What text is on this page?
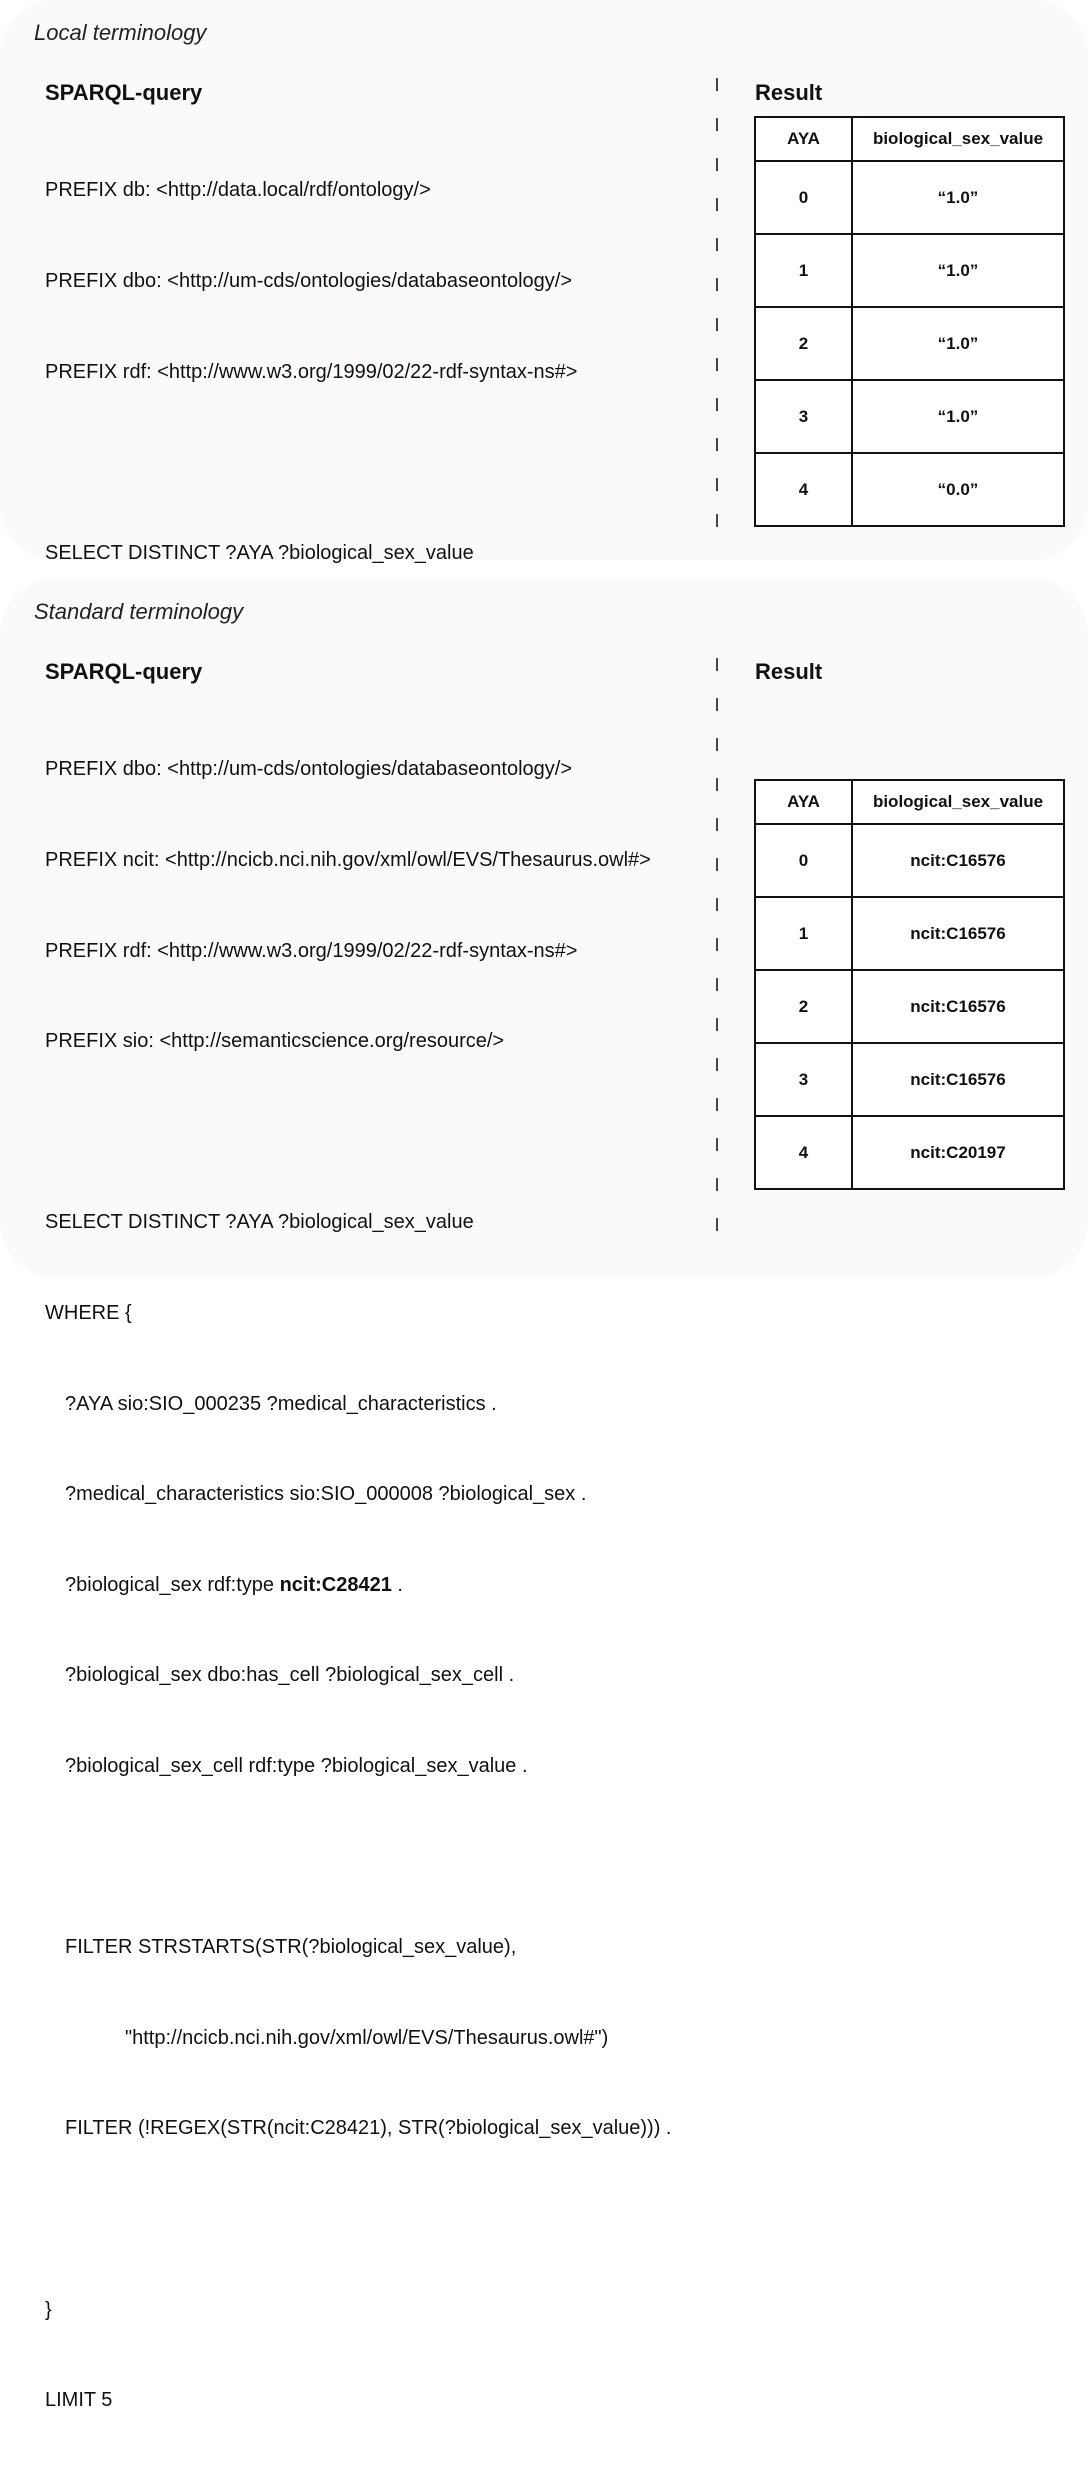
Local terminology
SPARQL-query	Result

PREFIX db: <http://data.local/rdf/ontology/>

PREFIX dbo: <http://um-cds/ontologies/databaseontology/>

PREFIX rdf: <http://www.w3.org/1999/02/22-rdf-syntax-ns#>

SELECT DISTINCT ?AYA ?biological_sex_value

AYA	biological_sex_value
0	“1.0”
1	“1.0”
2	“1.0”
3	“1.0”
4	“0.0”
Standard terminology
SPARQL-query	Result

PREFIX dbo: <http://um-cds/ontologies/databaseontology/>

PREFIX ncit: <http://ncicb.nci.nih.gov/xml/owl/EVS/Thesaurus.owl#>

PREFIX rdf: <http://www.w3.org/1999/02/22-rdf-syntax-ns#>

PREFIX sio: <http://semanticscience.org/resource/>

SELECT DISTINCT ?AYA ?biological_sex_value

WHERE {

?AYA sio:SIO_000235 ?medical_characteristics .

?medical_characteristics sio:SIO_000008 ?biological_sex .

?biological_sex rdf:type ncit:C28421 .

?biological_sex dbo:has_cell ?biological_sex_cell .

?biological_sex_cell rdf:type ?biological_sex_value .

FILTER STRSTARTS(STR(?biological_sex_value),

"http://ncicb.nci.nih.gov/xml/owl/EVS/Thesaurus.owl#")

FILTER (!REGEX(STR(ncit:C28421), STR(?biological_sex_value))) .

}

LIMIT 5

AYA	biological_sex_value
0	ncit:C16576
1	ncit:C16576
2	ncit:C16576
3	ncit:C16576
4	ncit:C20197
